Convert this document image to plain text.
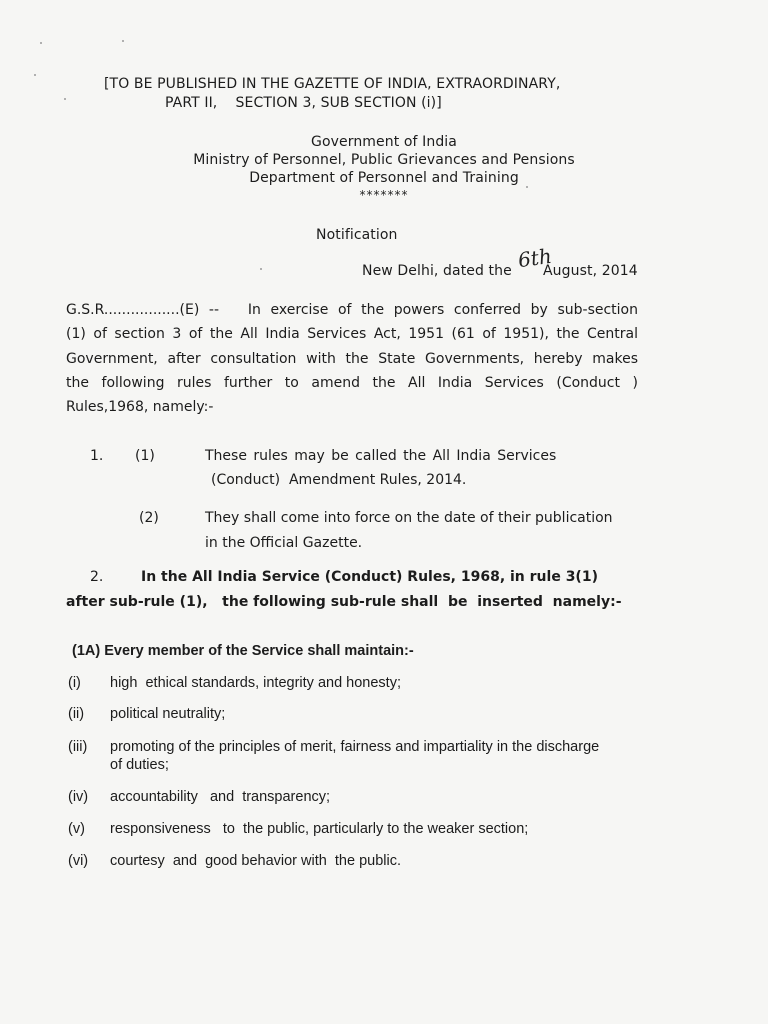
[TO BE PUBLISHED IN THE GAZETTE OF INDIA, EXTRAORDINARY,
PART II,    SECTION 3, SUB SECTION (i)]
Government of India
Ministry of Personnel, Public Grievances and Pensions
Department of Personnel and Training
*******
Notification
New Delhi, dated the 6th
August, 2014
G.S.R.................(E) --   In exercise of the powers conferred by sub-section
(1) of section 3 of the All India Services Act, 1951 (61 of 1951), the Central
Government, after consultation with the State Governments, hereby makes
the following rules further to amend the All India Services (Conduct )
Rules,1968, namely:-
1. (1)	These rules may be called the All India Services
(Conduct)  Amendment Rules, 2014.
(2)	They shall come into force on the date of their publication
in the Official Gazette.
2.	In the All India Service (Conduct) Rules, 1968, in rule 3(1)
after sub-rule (1),   the following sub-rule shall  be  inserted  namely:-
(1A) Every member of the Service shall maintain:-
(i) high  ethical standards, integrity and honesty;
(ii) political neutrality;
(iii) promoting of the principles of merit, fairness and impartiality in the discharge
of duties;
(iv) accountability   and  transparency;
(v) responsiveness   to  the public, particularly to the weaker section;
(vi) courtesy  and  good behavior with  the public.
